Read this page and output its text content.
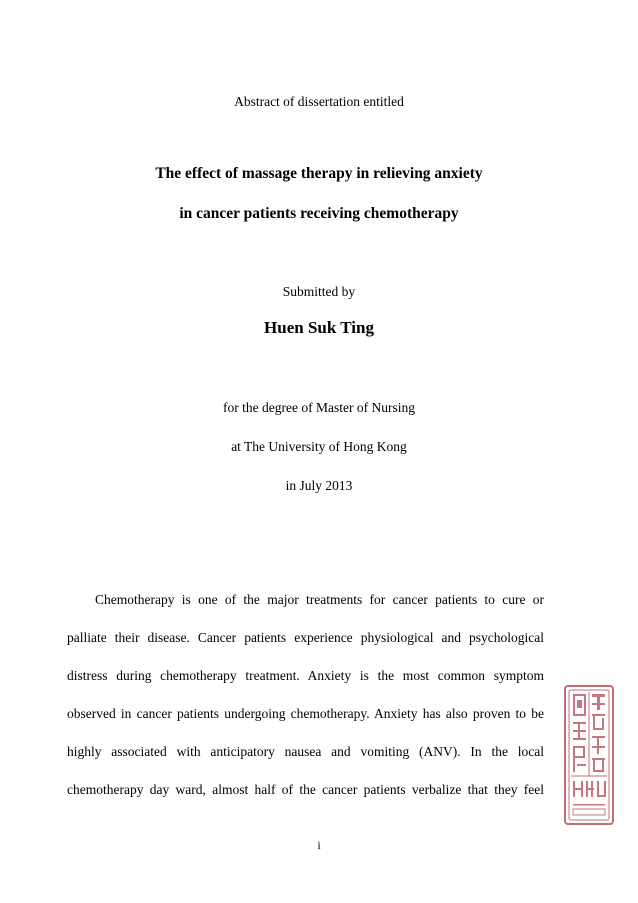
Abstract of dissertation entitled
The effect of massage therapy in relieving anxiety
in cancer patients receiving chemotherapy
Submitted by
Huen Suk Ting
for the degree of Master of Nursing
at The University of Hong Kong
in July 2013
Chemotherapy is one of the major treatments for cancer patients to cure or
palliate their disease. Cancer patients experience physiological and psychological
distress during chemotherapy treatment. Anxiety is the most common symptom
observed in cancer patients undergoing chemotherapy. Anxiety has also proven to be
highly associated with anticipatory nausea and vomiting (ANV). In the local
chemotherapy day ward, almost half of the cancer patients verbalize that they feel
i
